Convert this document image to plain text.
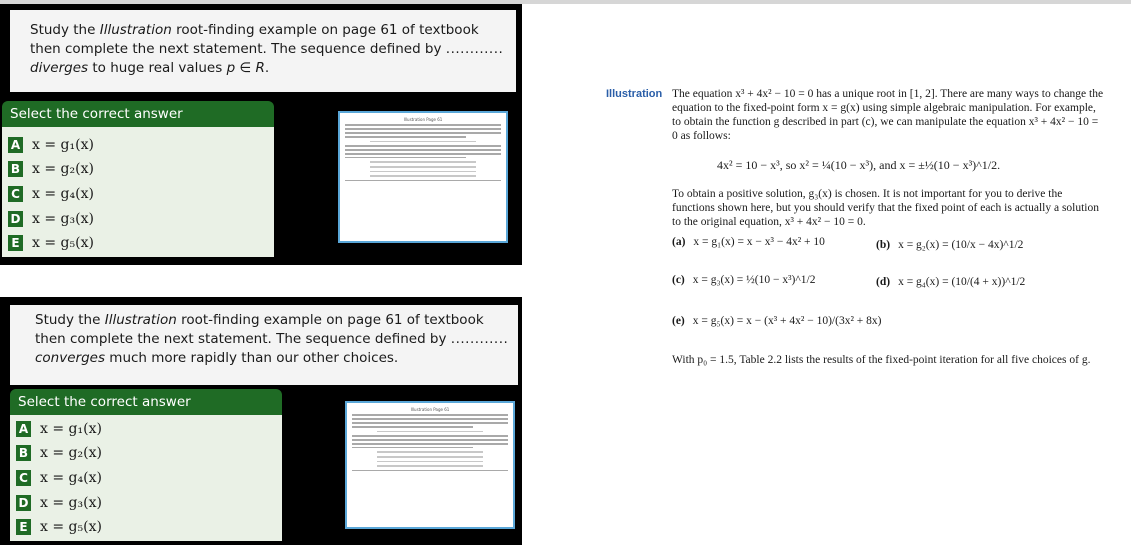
Study the Illustration root-finding example on page 61 of textbook then complete the next statement. The sequence defined by ............ diverges to huge real values p ∈ R.
Select the correct answer
A x = g₁(x)
B x = g₂(x)
C x = g₄(x)
D x = g₃(x)
E x = g₅(x)
Illustration Page 61
Study the Illustration root-finding example on page 61 of textbook then complete the next statement. The sequence defined by ............ converges much more rapidly than our other choices.
Select the correct answer
A x = g₁(x)
B x = g₂(x)
C x = g₄(x)
D x = g₃(x)
E x = g₅(x)
Illustration Page 61
Illustration The equation x³ + 4x² − 10 = 0 has a unique root in [1, 2]. There are many ways to change the equation to the fixed-point form x = g(x) using simple algebraic manipulation. For example, to obtain the function g described in part (c), we can manipulate the equation x³ + 4x² − 10 = 0 as follows:
4x² = 10 − x³, so x² = ¼(10 − x³), and x = ±½(10 − x³)^1/2.
To obtain a positive solution, g₃(x) is chosen. It is not important for you to derive the functions shown here, but you should verify that the fixed point of each is actually a solution to the original equation, x³ + 4x² − 10 = 0.
(a) x = g₁(x) = x − x³ − 4x² + 10	(b) x = g₂(x) = (10/x − 4x)^1/2
(c) x = g₃(x) = ½(10 − x³)^1/2	(d) x = g₄(x) = (10/(4 + x))^1/2
(e) x = g₅(x) = x − (x³ + 4x² − 10)/(3x² + 8x)
With p₀ = 1.5, Table 2.2 lists the results of the fixed-point iteration for all five choices of g.
